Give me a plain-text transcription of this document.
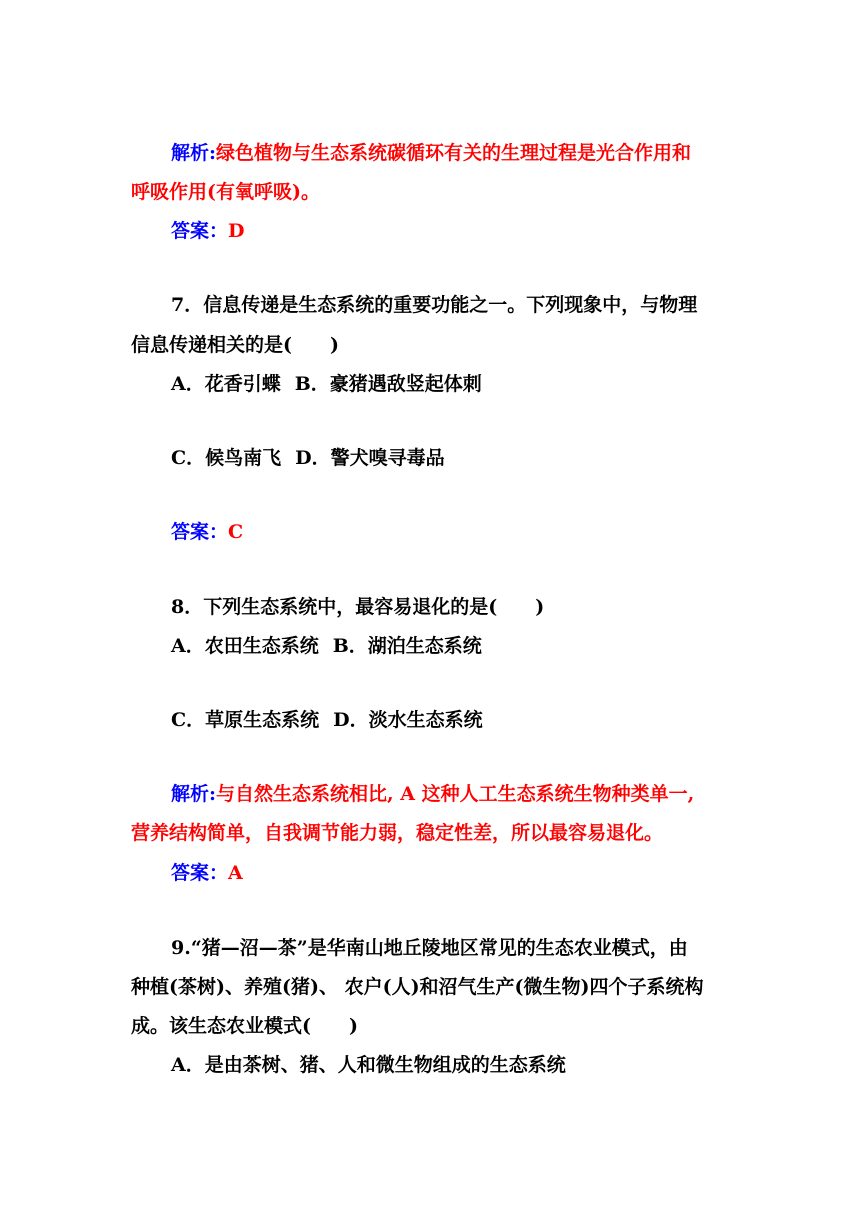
解析:绿色植物与生态系统碳循环有关的生理过程是光合作用和
呼吸作用(有氧呼吸)。
答案：D
7．信息传递是生态系统的重要功能之一。下列现象中，与物理
信息传递相关的是(　　)
A．花香引蝶 B．豪猪遇敌竖起体刺
C．候鸟南飞 D．警犬嗅寻毒品
答案：C
8．下列生态系统中，最容易退化的是(　　)
A．农田生态系统 B．湖泊生态系统
C．草原生态系统 D．淡水生态系统
解析:与自然生态系统相比, A 这种人工生态系统生物种类单一,
营养结构简单，自我调节能力弱，稳定性差，所以最容易退化。
答案：A
9.“猪—沼—茶”是华南山地丘陵地区常见的生态农业模式，由
种植(茶树)、养殖(猪)、 农户(人)和沼气生产(微生物)四个子系统构
成。该生态农业模式(　　)
A．是由茶树、猪、人和微生物组成的生态系统
